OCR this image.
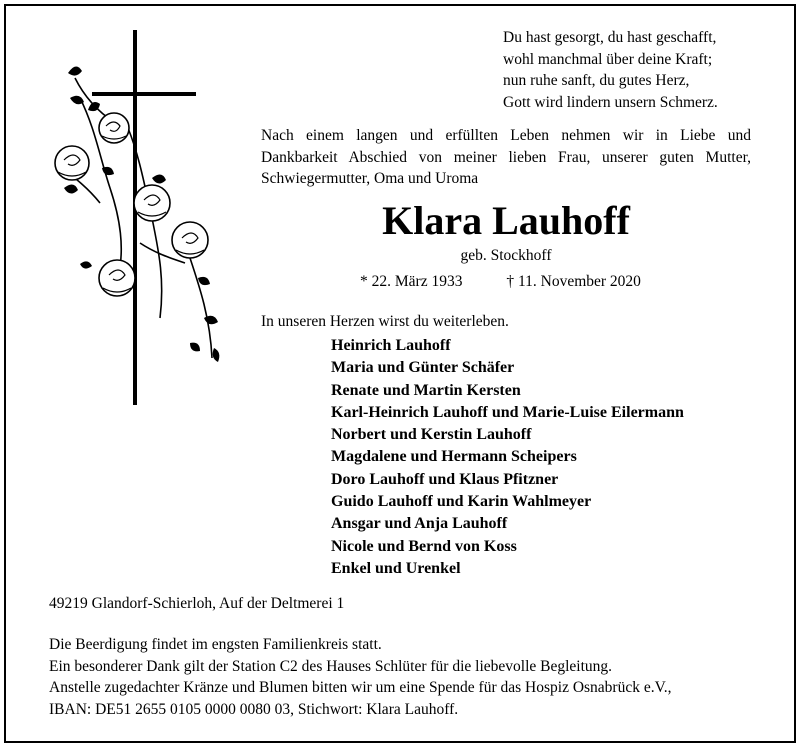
Du hast gesorgt, du hast geschafft,
wohl manchmal über deine Kraft;
nun ruhe sanft, du gutes Herz,
Gott wird lindern unsern Schmerz.
Nach einem langen und erfüllten Leben nehmen wir in Liebe und
Dankbarkeit Abschied von meiner lieben Frau, unserer guten Mutter,
Schwiegermutter, Oma und Uroma
Klara Lauhoff
geb. Stockhoff
* 22. März 1933	† 11. November 2020
In unseren Herzen wirst du weiterleben.
Heinrich Lauhoff
Maria und Günter Schäfer
Renate und Martin Kersten
Karl-Heinrich Lauhoff und Marie-Luise Eilermann
Norbert und Kerstin Lauhoff
Magdalene und Hermann Scheipers
Doro Lauhoff und Klaus Pfitzner
Guido Lauhoff und Karin Wahlmeyer
Ansgar und Anja Lauhoff
Nicole und Bernd von Koss
Enkel und Urenkel
49219 Glandorf-Schierloh, Auf der Deltmerei 1
Die Beerdigung findet im engsten Familienkreis statt.
Ein besonderer Dank gilt der Station C2 des Hauses Schlüter für die liebevolle Begleitung.
Anstelle zugedachter Kränze und Blumen bitten wir um eine Spende für das Hospiz Osnabrück e.V.,
IBAN: DE51 2655 0105 0000 0080 03, Stichwort: Klara Lauhoff.
